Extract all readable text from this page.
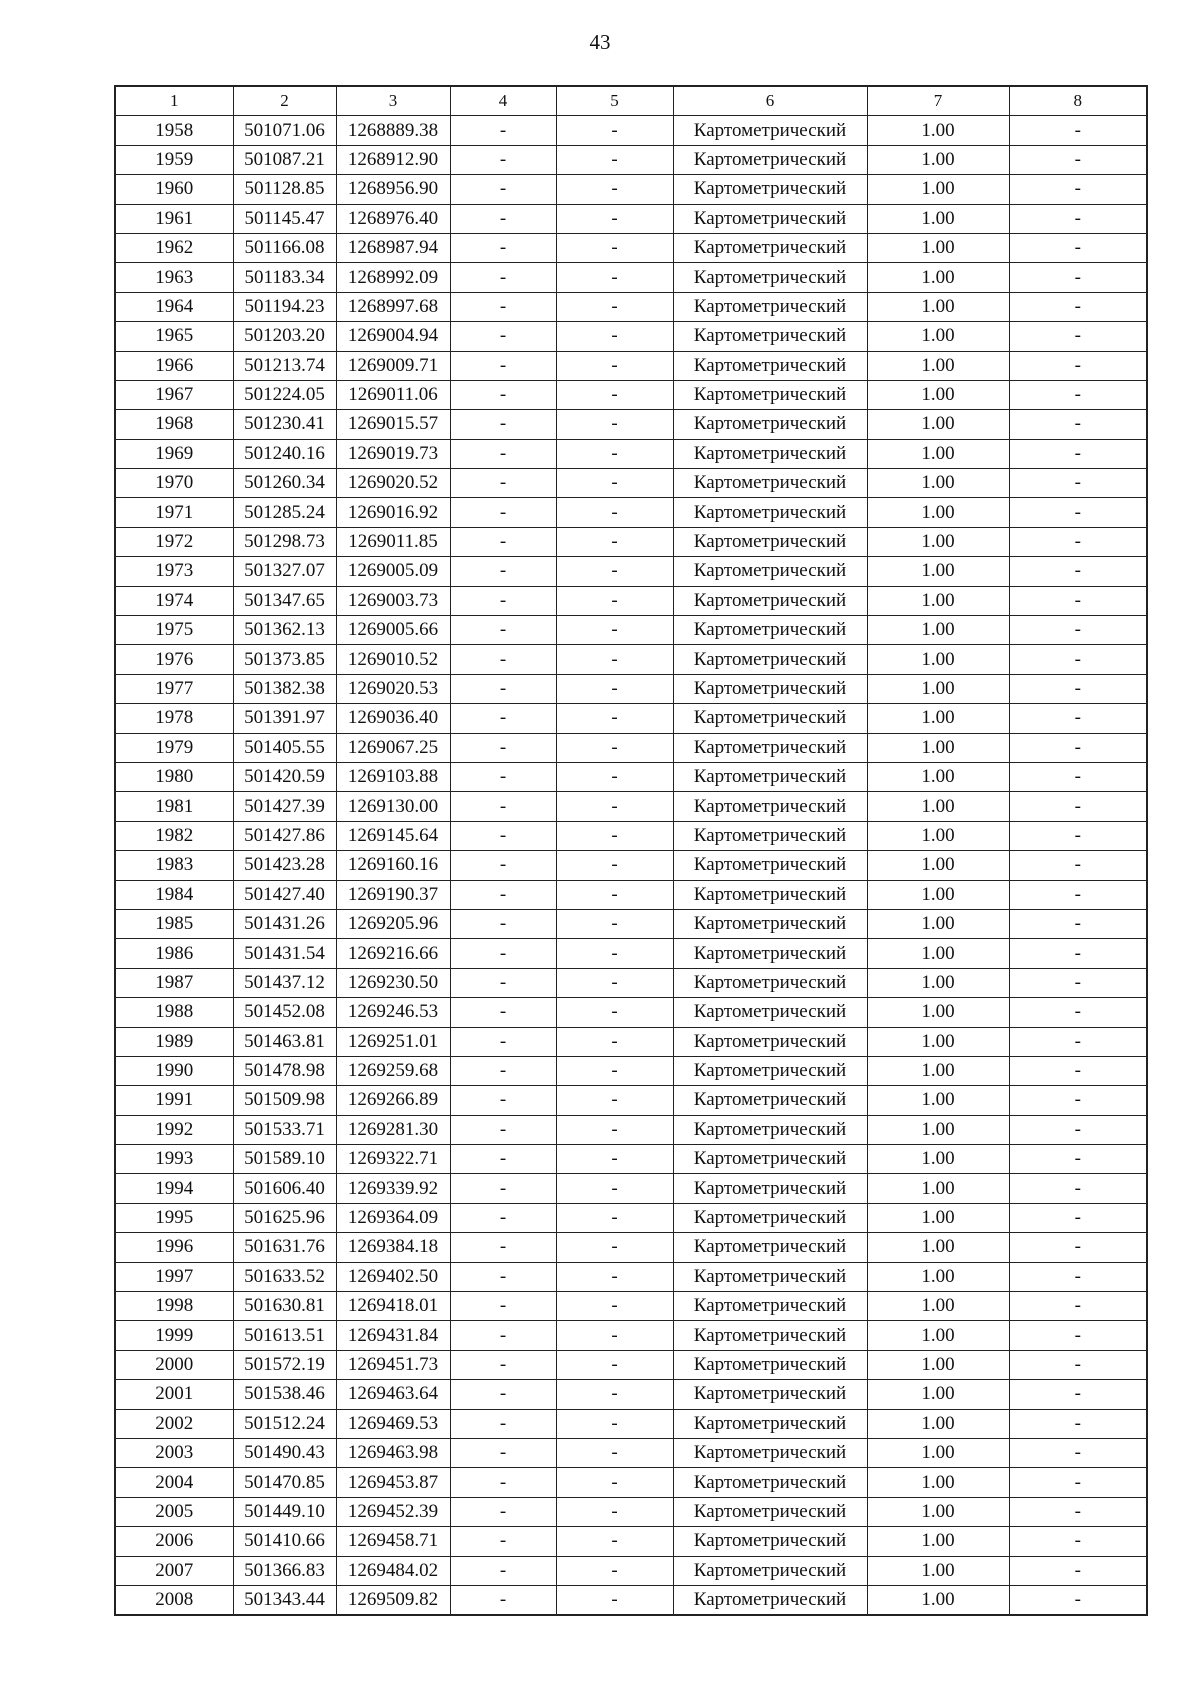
43
1	2	3	4	5	6	7	8
1958	501071.06	1268889.38	-	-	Картометрический	1.00	-
1959	501087.21	1268912.90	-	-	Картометрический	1.00	-
1960	501128.85	1268956.90	-	-	Картометрический	1.00	-
1961	501145.47	1268976.40	-	-	Картометрический	1.00	-
1962	501166.08	1268987.94	-	-	Картометрический	1.00	-
1963	501183.34	1268992.09	-	-	Картометрический	1.00	-
1964	501194.23	1268997.68	-	-	Картометрический	1.00	-
1965	501203.20	1269004.94	-	-	Картометрический	1.00	-
1966	501213.74	1269009.71	-	-	Картометрический	1.00	-
1967	501224.05	1269011.06	-	-	Картометрический	1.00	-
1968	501230.41	1269015.57	-	-	Картометрический	1.00	-
1969	501240.16	1269019.73	-	-	Картометрический	1.00	-
1970	501260.34	1269020.52	-	-	Картометрический	1.00	-
1971	501285.24	1269016.92	-	-	Картометрический	1.00	-
1972	501298.73	1269011.85	-	-	Картометрический	1.00	-
1973	501327.07	1269005.09	-	-	Картометрический	1.00	-
1974	501347.65	1269003.73	-	-	Картометрический	1.00	-
1975	501362.13	1269005.66	-	-	Картометрический	1.00	-
1976	501373.85	1269010.52	-	-	Картометрический	1.00	-
1977	501382.38	1269020.53	-	-	Картометрический	1.00	-
1978	501391.97	1269036.40	-	-	Картометрический	1.00	-
1979	501405.55	1269067.25	-	-	Картометрический	1.00	-
1980	501420.59	1269103.88	-	-	Картометрический	1.00	-
1981	501427.39	1269130.00	-	-	Картометрический	1.00	-
1982	501427.86	1269145.64	-	-	Картометрический	1.00	-
1983	501423.28	1269160.16	-	-	Картометрический	1.00	-
1984	501427.40	1269190.37	-	-	Картометрический	1.00	-
1985	501431.26	1269205.96	-	-	Картометрический	1.00	-
1986	501431.54	1269216.66	-	-	Картометрический	1.00	-
1987	501437.12	1269230.50	-	-	Картометрический	1.00	-
1988	501452.08	1269246.53	-	-	Картометрический	1.00	-
1989	501463.81	1269251.01	-	-	Картометрический	1.00	-
1990	501478.98	1269259.68	-	-	Картометрический	1.00	-
1991	501509.98	1269266.89	-	-	Картометрический	1.00	-
1992	501533.71	1269281.30	-	-	Картометрический	1.00	-
1993	501589.10	1269322.71	-	-	Картометрический	1.00	-
1994	501606.40	1269339.92	-	-	Картометрический	1.00	-
1995	501625.96	1269364.09	-	-	Картометрический	1.00	-
1996	501631.76	1269384.18	-	-	Картометрический	1.00	-
1997	501633.52	1269402.50	-	-	Картометрический	1.00	-
1998	501630.81	1269418.01	-	-	Картометрический	1.00	-
1999	501613.51	1269431.84	-	-	Картометрический	1.00	-
2000	501572.19	1269451.73	-	-	Картометрический	1.00	-
2001	501538.46	1269463.64	-	-	Картометрический	1.00	-
2002	501512.24	1269469.53	-	-	Картометрический	1.00	-
2003	501490.43	1269463.98	-	-	Картометрический	1.00	-
2004	501470.85	1269453.87	-	-	Картометрический	1.00	-
2005	501449.10	1269452.39	-	-	Картометрический	1.00	-
2006	501410.66	1269458.71	-	-	Картометрический	1.00	-
2007	501366.83	1269484.02	-	-	Картометрический	1.00	-
2008	501343.44	1269509.82	-	-	Картометрический	1.00	-
